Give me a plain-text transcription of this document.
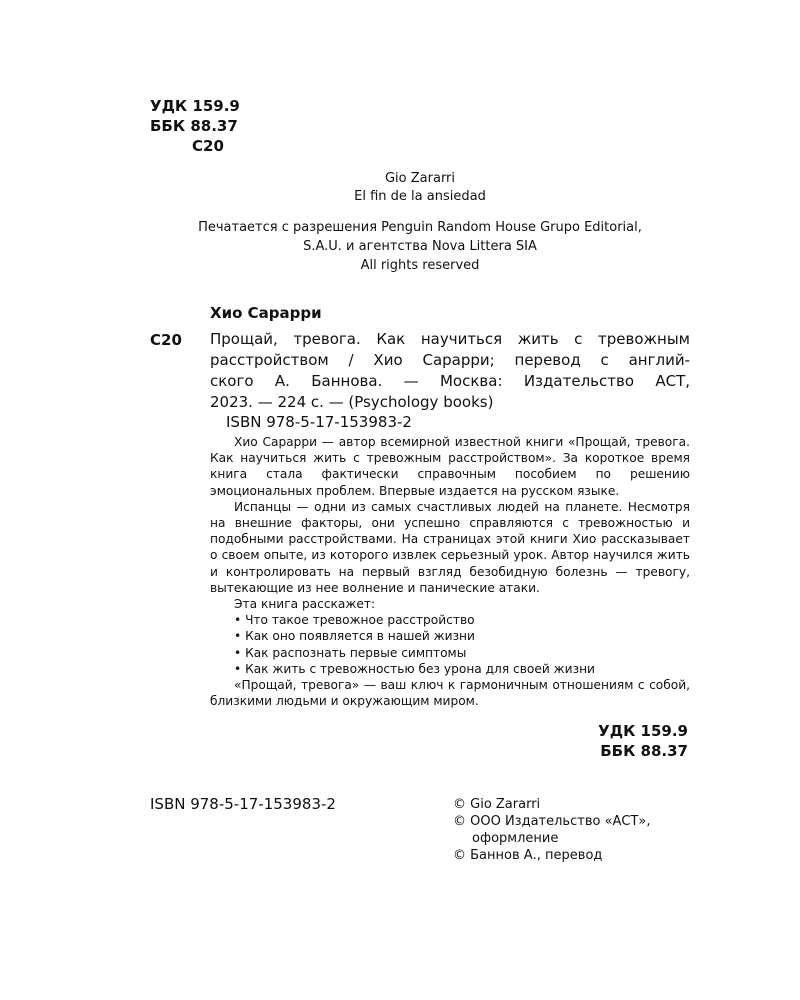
УДК 159.9
ББК 88.37
С20
Gio Zararri
El fin de la ansiedad
Печатается с разрешения Penguin Random House Grupo Editorial,
S.A.U. и агентства Nova Littera SIA
All rights reserved
Хио Сарарри
С20 Прощай, тревога. Как научиться жить с тревожным
расстройством / Хио Сарарри; перевод с англий-
ского А. Баннова. — Москва: Издательство АСТ,
2023. — 224 с. — (Psychology books)
ISBN 978-5-17-153983-2

Хио Сарарри — автор всемирной известной книги «Прощай, тревога. Как научиться жить с тревожным расстройством». За короткое время книга стала фактически справочным пособием по решению эмоциональных проблем. Впервые издается на русском языке.

Испанцы — одни из самых счастливых людей на планете. Несмотря на внешние факторы, они успешно справляются с тревожностью и подобными расстройствами. На страницах этой книги Хио рассказывает о своем опыте, из которого извлек серьезный урок. Автор научился жить и контролировать на первый взгляд безобидную болезнь — тревогу, вытекающие из нее волнение и панические атаки.

Эта книга расскажет:

• Что такое тревожное расстройство
• Как оно появляется в нашей жизни
• Как распознать первые симптомы
• Как жить с тревожностью без урона для своей жизни

«Прощай, тревога» — ваш ключ к гармоничным отношениям с собой, близкими людьми и окружающим миром.

УДК 159.9
ББК 88.37
ISBN 978-5-17-153983-2	© Gio Zararri
© ООО Издательство «АСТ»,
оформление
© Баннов А., перевод
